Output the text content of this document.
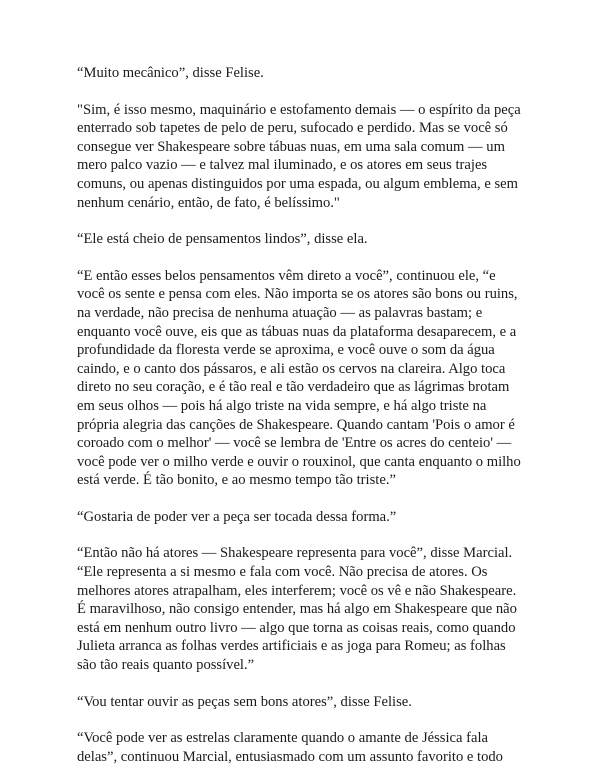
“Muito mecânico”, disse Felise.

"Sim, é isso mesmo, maquinário e estofamento demais — o espírito da peça
enterrado sob tapetes de pelo de peru, sufocado e perdido. Mas se você só
consegue ver Shakespeare sobre tábuas nuas, em uma sala comum — um
mero palco vazio — e talvez mal iluminado, e os atores em seus trajes
comuns, ou apenas distinguidos por uma espada, ou algum emblema, e sem
nenhum cenário, então, de fato, é belíssimo."

“Ele está cheio de pensamentos lindos”, disse ela.

“E então esses belos pensamentos vêm direto a você”, continuou ele, “e
você os sente e pensa com eles. Não importa se os atores são bons ou ruins,
na verdade, não precisa de nenhuma atuação — as palavras bastam; e
enquanto você ouve, eis que as tábuas nuas da plataforma desaparecem, e a
profundidade da floresta verde se aproxima, e você ouve o som da água
caindo, e o canto dos pássaros, e ali estão os cervos na clareira. Algo toca
direto no seu coração, e é tão real e tão verdadeiro que as lágrimas brotam
em seus olhos — pois há algo triste na vida sempre, e há algo triste na
própria alegria das canções de Shakespeare. Quando cantam 'Pois o amor é
coroado com o melhor' — você se lembra de 'Entre os acres do centeio' —
você pode ver o milho verde e ouvir o rouxinol, que canta enquanto o milho
está verde. É tão bonito, e ao mesmo tempo tão triste.”

“Gostaria de poder ver a peça ser tocada dessa forma.”

“Então não há atores — Shakespeare representa para você”, disse Marcial.
“Ele representa a si mesmo e fala com você. Não precisa de atores. Os
melhores atores atrapalham, eles interferem; você os vê e não Shakespeare.
É maravilhoso, não consigo entender, mas há algo em Shakespeare que não
está em nenhum outro livro — algo que torna as coisas reais, como quando
Julieta arranca as folhas verdes artificiais e as joga para Romeu; as folhas
são tão reais quanto possível.”

“Vou tentar ouvir as peças sem bons atores”, disse Felise.

“Você pode ver as estrelas claramente quando o amante de Jéssica fala
delas”, continuou Marcial, entusiasmado com um assunto favorito e todo
